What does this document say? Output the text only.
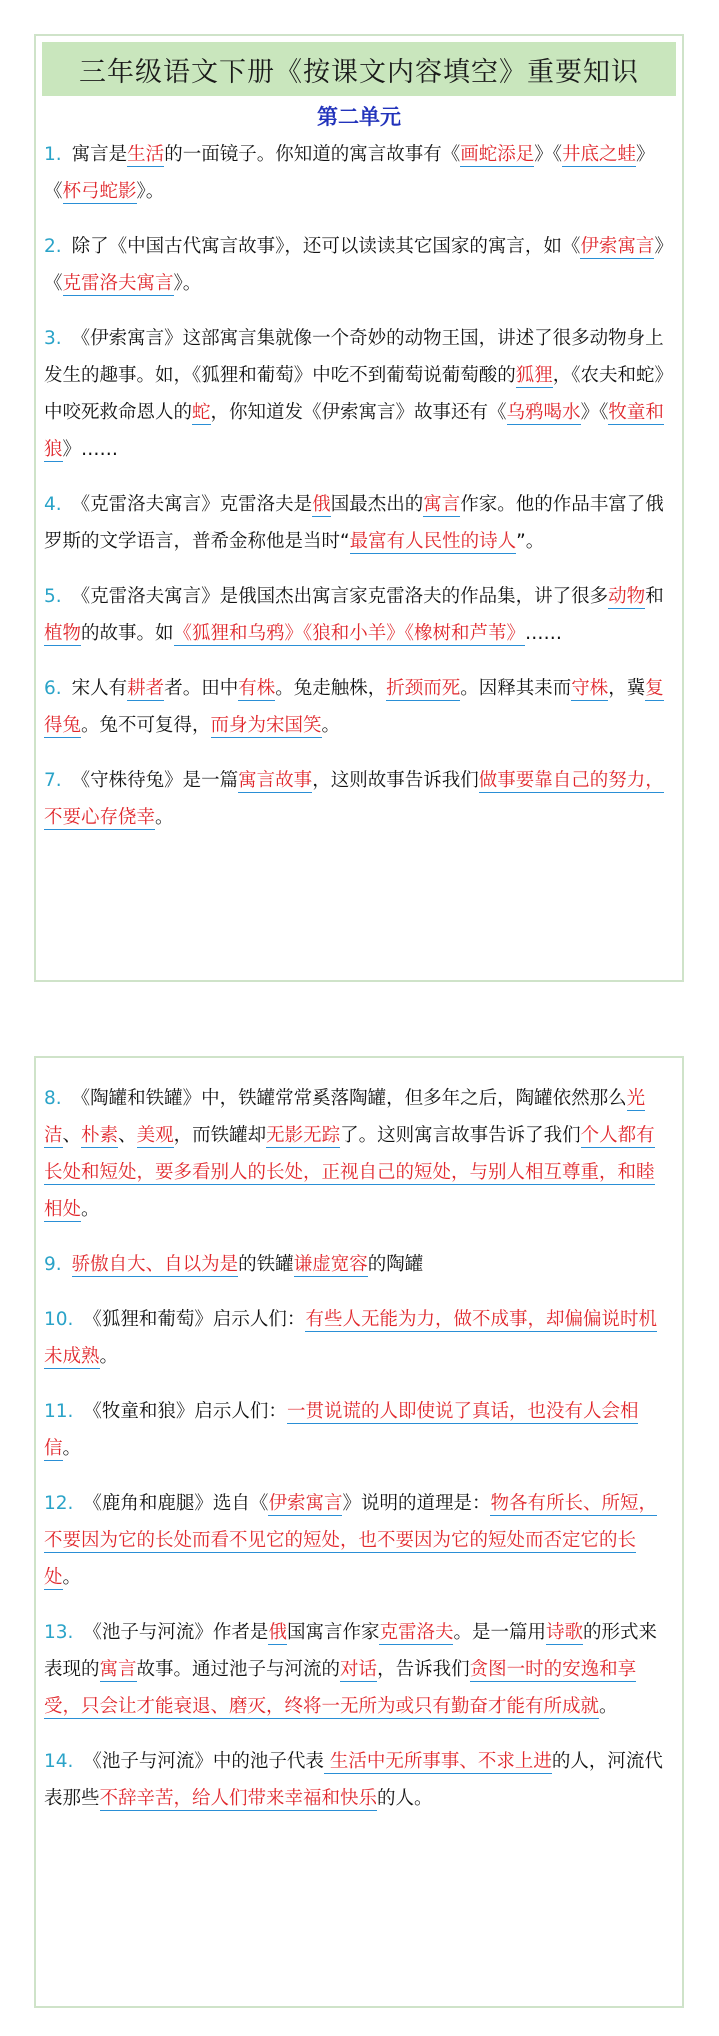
三年级语文下册《按课文内容填空》重要知识
第二单元
1. 寓言是生活的一面镜子。你知道的寓言故事有《画蛇添足》《井底之蛙》《杯弓蛇影》。
2. 除了《中国古代寓言故事》，还可以读读其它国家的寓言，如《伊索寓言》《克雷洛夫寓言》。
3. 《伊索寓言》这部寓言集就像一个奇妙的动物王国，讲述了很多动物身上发生的趣事。如，《狐狸和葡萄》中吃不到葡萄说葡萄酸的狐狸，《农夫和蛇》中咬死救命恩人的蛇，你知道发《伊索寓言》故事还有《乌鸦喝水》《牧童和狼》……
4. 《克雷洛夫寓言》克雷洛夫是俄国最杰出的寓言作家。他的作品丰富了俄罗斯的文学语言，普希金称他是当时“最富有人民性的诗人”。
5. 《克雷洛夫寓言》是俄国杰出寓言家克雷洛夫的作品集，讲了很多动物和植物的故事。如《狐狸和乌鸦》《狼和小羊》《橡树和芦苇》……
6. 宋人有耕者者。田中有株。兔走触株，折颈而死。因释其耒而守株，冀复得兔。兔不可复得，而身为宋国笑。
7. 《守株待兔》是一篇寓言故事，这则故事告诉我们做事要靠自己的努力，不要心存侥幸。
8. 《陶罐和铁罐》中，铁罐常常奚落陶罐，但多年之后，陶罐依然那么光洁、朴素、美观，而铁罐却无影无踪了。这则寓言故事告诉了我们个人都有长处和短处，要多看别人的长处，正视自己的短处，与别人相互尊重，和睦相处。
9. 骄傲自大、自以为是的铁罐谦虚宽容的陶罐
10. 《狐狸和葡萄》启示人们：有些人无能为力，做不成事，却偏偏说时机未成熟。
11. 《牧童和狼》启示人们：一贯说谎的人即使说了真话，也没有人会相信。
12. 《鹿角和鹿腿》选自《伊索寓言》说明的道理是：物各有所长、所短，不要因为它的长处而看不见它的短处，也不要因为它的短处而否定它的长处。
13. 《池子与河流》作者是俄国寓言作家克雷洛夫。是一篇用诗歌的形式来表现的寓言故事。通过池子与河流的对话，告诉我们贪图一时的安逸和享受，只会让才能衰退、磨灭，终将一无所为或只有勤奋才能有所成就。
14. 《池子与河流》中的池子代表 生活中无所事事、不求上进的人，河流代表那些不辞辛苦，给人们带来幸福和快乐的人。
